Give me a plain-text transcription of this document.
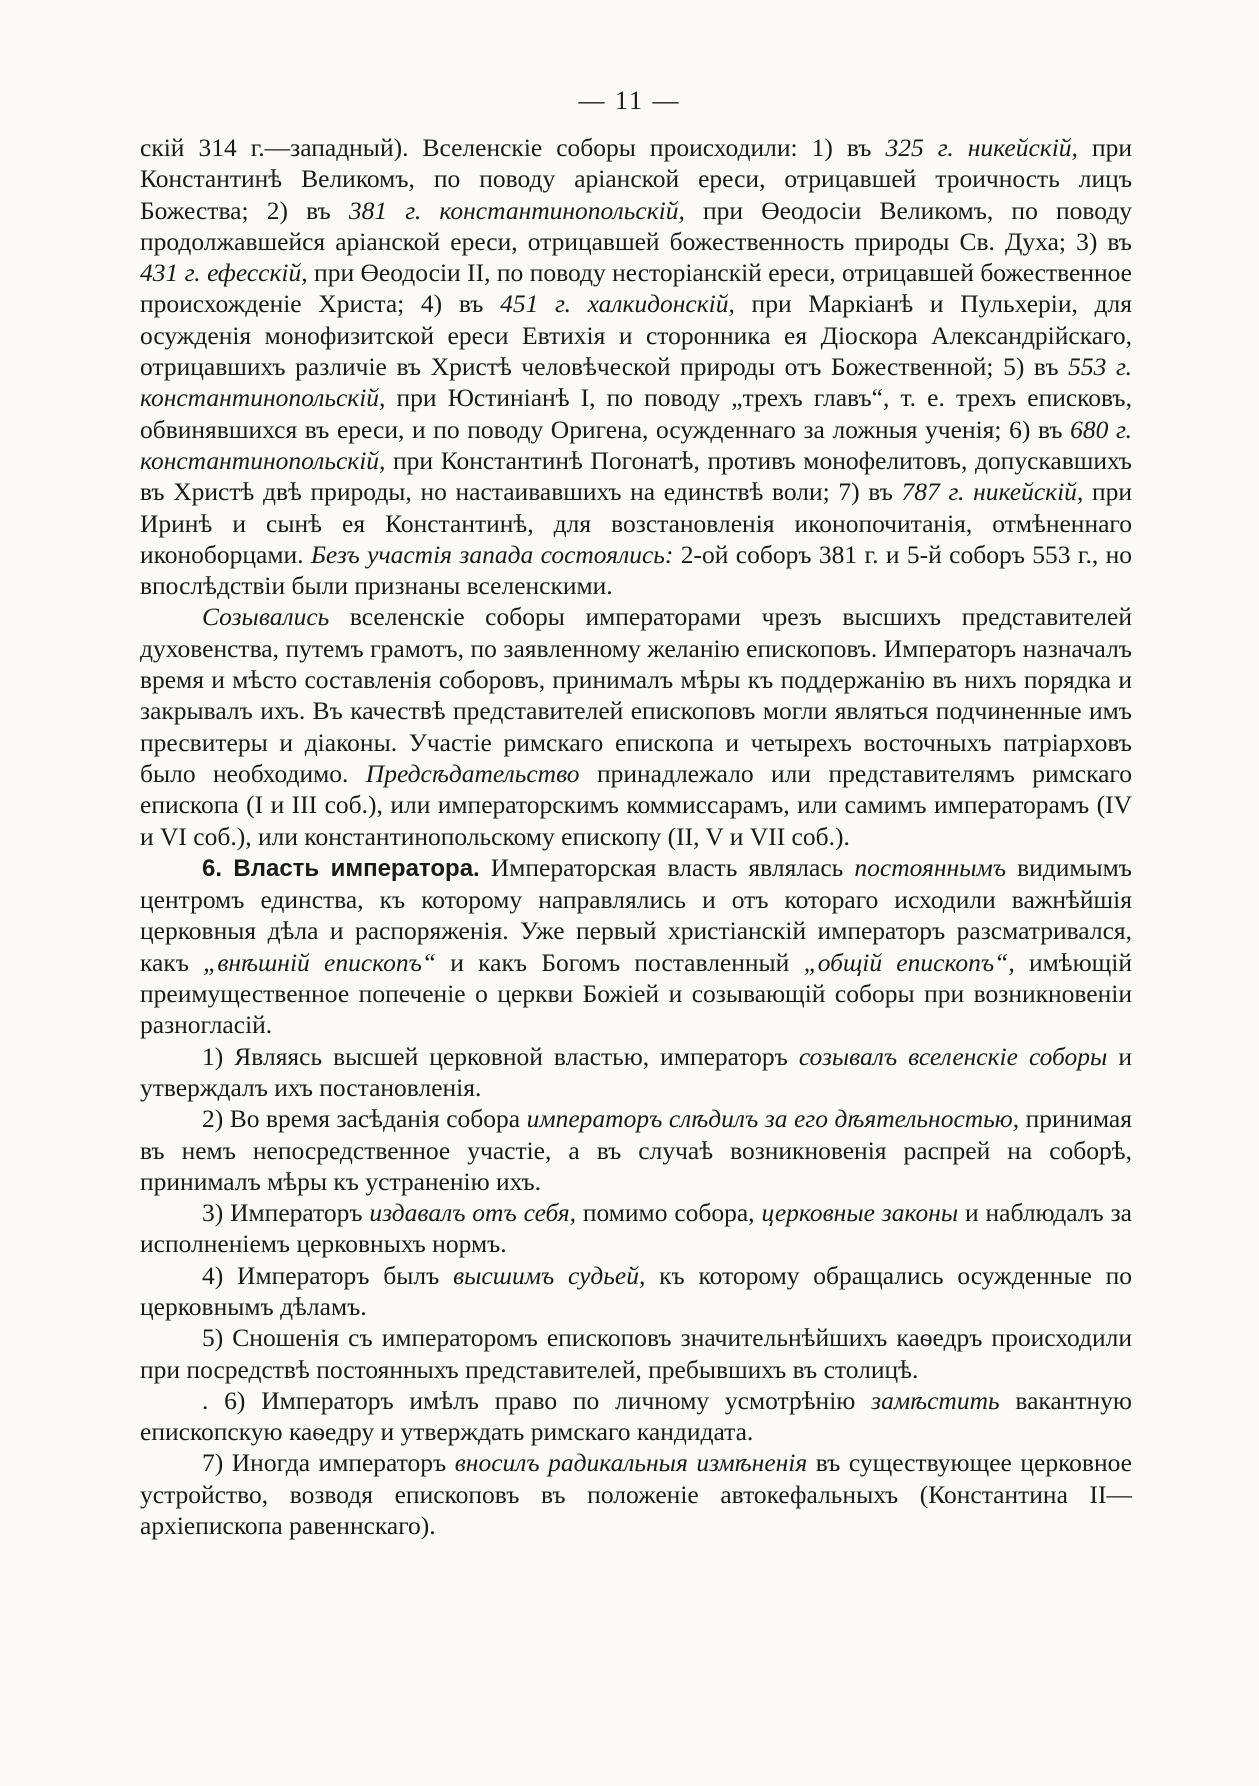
— 11 —

скій 314 г.—западный). Вселенскіе соборы происходили: 1) въ 325 г. никейскій, при Константинѣ Великомъ, по поводу аріанской ереси, отрицавшей троичность лицъ Божества; 2) въ 381 г. константинопольскій, при Өеодосіи Великомъ, по поводу продолжавшейся аріанской ереси, отрицавшей божественность природы Св. Духа; 3) въ 431 г. ефесскій, при Өеодосіи II, по поводу несторіанскій ереси, отрицавшей божественное происхожденіе Христа; 4) въ 451 г. халкидонскій, при Маркіанѣ и Пульхеріи, для осужденія монофизитской ереси Евтихія и сторонника ея Діоскора Александрійскаго, отрицавшихъ различіе въ Христѣ человѣческой природы отъ Божественной; 5) въ 553 г. константинопольскій, при Юстиніанѣ I, по поводу „трехъ главъ“, т. е. трехъ еписковъ, обвинявшихся въ ереси, и по поводу Оригена, осужденнаго за ложныя ученія; 6) въ 680 г. константинопольскій, при Константинѣ Погонатѣ, противъ монофелитовъ, допускавшихъ въ Христѣ двѣ природы, но настаивавшихъ на единствѣ воли; 7) въ 787 г. никейскій, при Иринѣ и сынѣ ея Константинѣ, для возстановленія иконопочитанія, отмѣненнаго иконоборцами. Безъ участія запада состоялись: 2-ой соборъ 381 г. и 5-й соборъ 553 г., но впослѣдствіи были признаны вселенскими.

Созывались вселенскіе соборы императорами чрезъ высшихъ представителей духовенства, путемъ грамотъ, по заявленному желанію епископовъ. Императоръ назначалъ время и мѣсто составленія соборовъ, принималъ мѣры къ поддержанію въ нихъ порядка и закрывалъ ихъ. Въ качествѣ представителей епископовъ могли являться подчиненные имъ пресвитеры и діаконы. Участіе римскаго епископа и четырехъ восточныхъ патріарховъ было необходимо. Предсѣдательство принадлежало или представителямъ римскаго епископа (I и III соб.), или императорскимъ коммиссарамъ, или самимъ императорамъ (IV и VI соб.), или константинопольскому епископу (II, V и VII соб.).

6. Власть императора. Императорская власть являлась постояннымъ видимымъ центромъ единства, къ которому направлялись и отъ котораго исходили важнѣйшія церковныя дѣла и распоряженія. Уже первый христіанскій императоръ разсматривался, какъ „внѣшній епископъ“ и какъ Богомъ поставленный „общій епископъ“, имѣющій преимущественное попеченіе о церкви Божіей и созывающій соборы при возникновеніи разногласій.

1) Являясь высшей церковной властью, императоръ созывалъ вселенскіе соборы и утверждалъ ихъ постановленія.

2) Во время засѣданія собора императоръ слѣдилъ за его дѣятельностью, принимая въ немъ непосредственное участіе, а въ случаѣ возникновенія распрей на соборѣ, принималъ мѣры къ устраненію ихъ.

3) Императоръ издавалъ отъ себя, помимо собора, церковные законы и наблюдалъ за исполненіемъ церковныхъ нормъ.

4) Императоръ былъ высшимъ судьей, къ которому обращались осужденные по церковнымъ дѣламъ.

5) Сношенія съ императоромъ епископовъ значительнѣйшихъ каѳедръ происходили при посредствѣ постоянныхъ представителей, пребывшихъ въ столицѣ.

. 6) Императоръ имѣлъ право по личному усмотрѣнію замѣстить вакантную епископскую каѳедру и утверждать римскаго кандидата.

7) Иногда императоръ вносилъ радикальныя измѣненія въ существующее церковное устройство, возводя епископовъ въ положеніе автокефальныхъ (Константина II—архіепископа равеннскаго).
